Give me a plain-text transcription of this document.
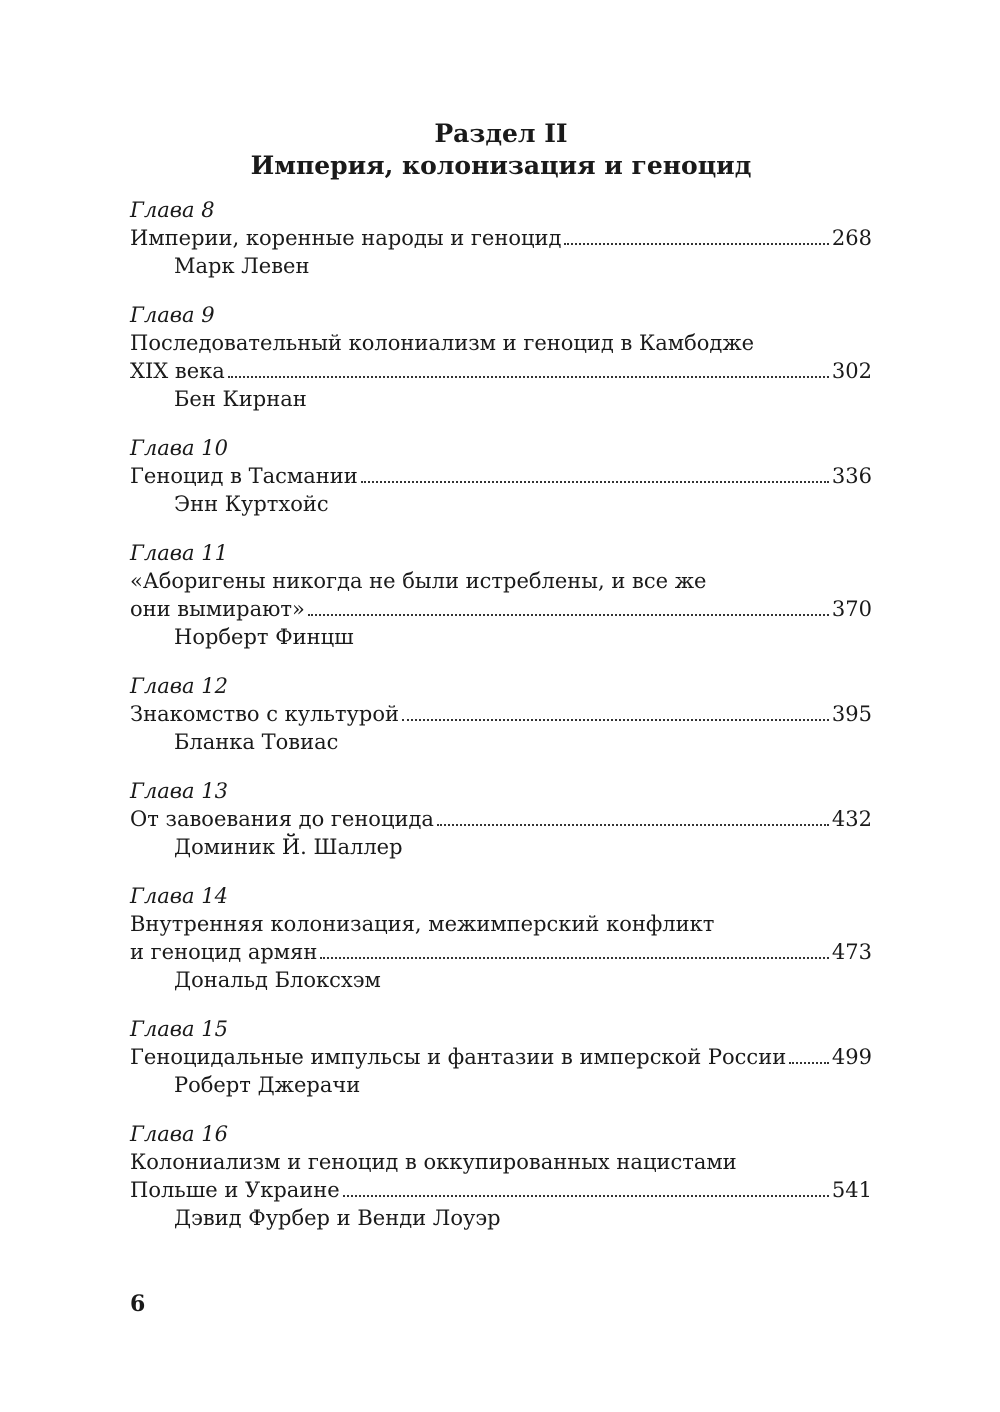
Раздел II
Империя, колонизация и геноцид
Глава 8
Империи, коренные народы и геноцид	268
Марк Левен
Глава 9
Последовательный колониализм и геноцид в Камбодже
XIX века	302
Бен Кирнан
Глава 10
Геноцид в Тасмании	336
Энн Куртхойс
Глава 11
«Аборигены никогда не были истреблены, и все же
они вымирают»	370
Норберт Финцш
Глава 12
Знакомство с культурой	395
Бланка Товиас
Глава 13
От завоевания до геноцида	432
Доминик Й. Шаллер
Глава 14
Внутренняя колонизация, межимперский конфликт
и геноцид армян	473
Дональд Блоксхэм
Глава 15
Геноцидальные импульсы и фантазии в имперской России 499
Роберт Джерачи
Глава 16
Колониализм и геноцид в оккупированных нацистами
Польше и Украине	541
Дэвид Фурбер и Венди Лоуэр
6
